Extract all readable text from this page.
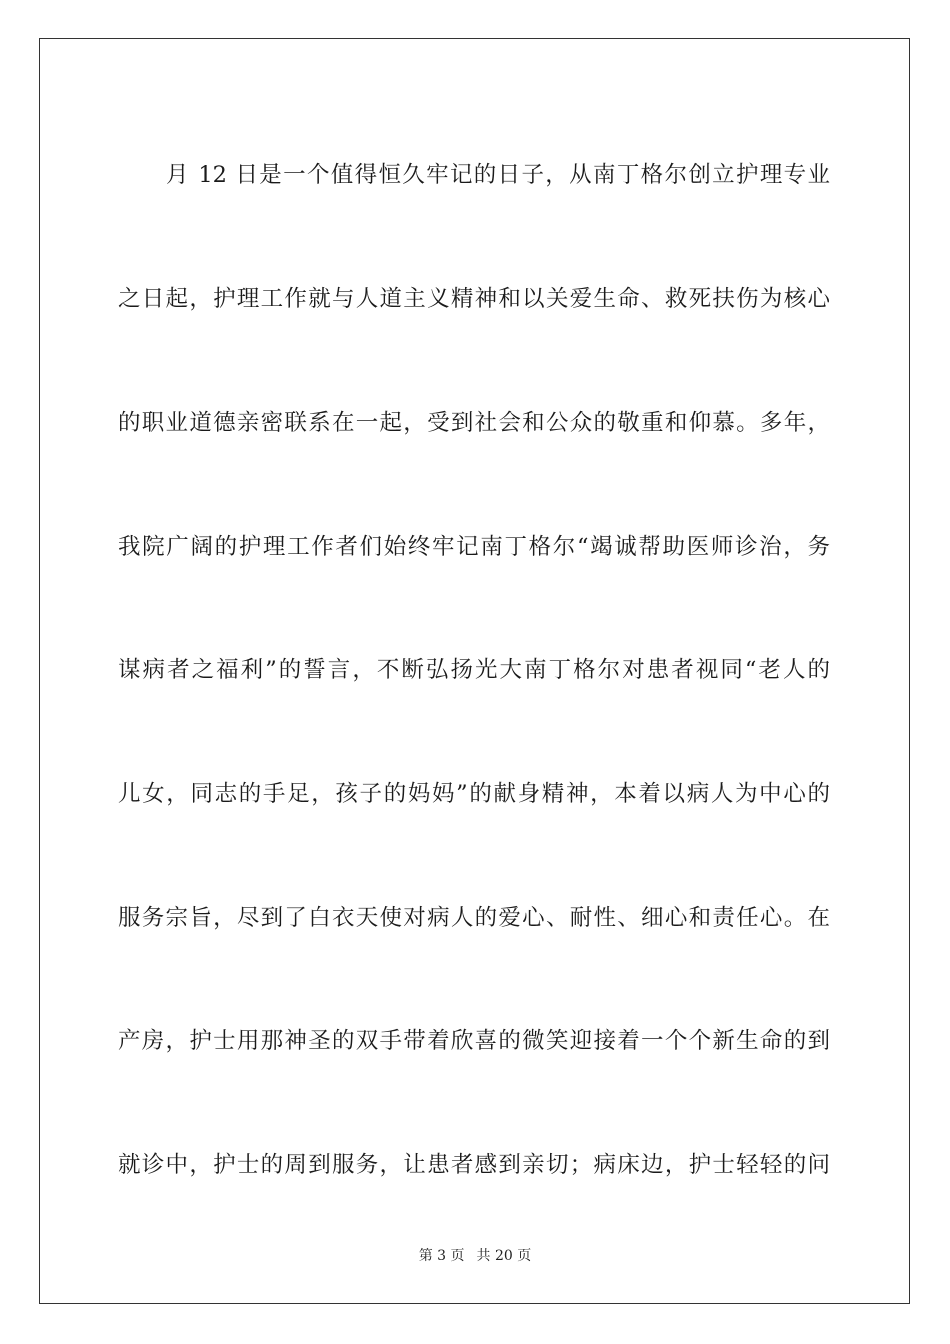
月 12 日是一个值得恒久牢记的日子，从南丁格尔创立护理专业

之日起，护理工作就与人道主义精神和以关爱生命、救死扶伤为核心

的职业道德亲密联系在一起，受到社会和公众的敬重和仰慕。多年，

我院广阔的护理工作者们始终牢记南丁格尔“竭诚帮助医师诊治，务

谋病者之福利”的誓言，不断弘扬光大南丁格尔对患者视同“老人的

儿女，同志的手足，孩子的妈妈”的献身精神，本着以病人为中心的

服务宗旨，尽到了白衣天使对病人的爱心、耐性、细心和责任心。在

产房，护士用那神圣的双手带着欣喜的微笑迎接着一个个新生命的到

就诊中，护士的周到服务，让患者感到亲切；病床边，护士轻轻的问

第 3 页 共 20 页
